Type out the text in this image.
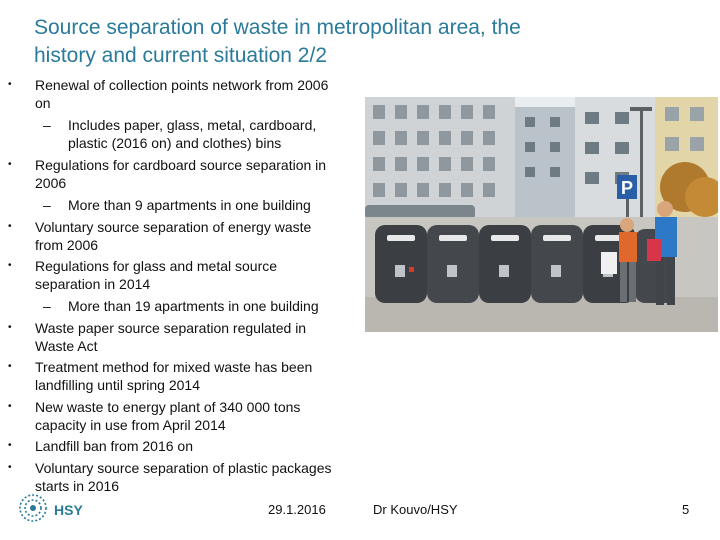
Source separation of waste in metropolitan area, the
history and current situation 2/2
• Renewal of collection points network from 2006
on
–	Includes paper, glass, metal, cardboard,
plastic (2016 on) and clothes) bins
• Regulations for cardboard source separation in
2006
–	More than 9 apartments in one building
• Voluntary source separation of energy waste
from 2006
• Regulations for glass and metal source
separation in 2014
–	More than 19 apartments in one building
• Waste paper source separation regulated in
Waste Act
• Treatment method for mixed waste has been
landfilling until spring 2014
• New waste to energy plant of 340 000 tons
capacity in use from April 2014
• Landfill ban from 2016 on
• Voluntary source separation of plastic packages
starts in 2016
P
HSY	29.1.2016	Dr Kouvo/HSY	5
